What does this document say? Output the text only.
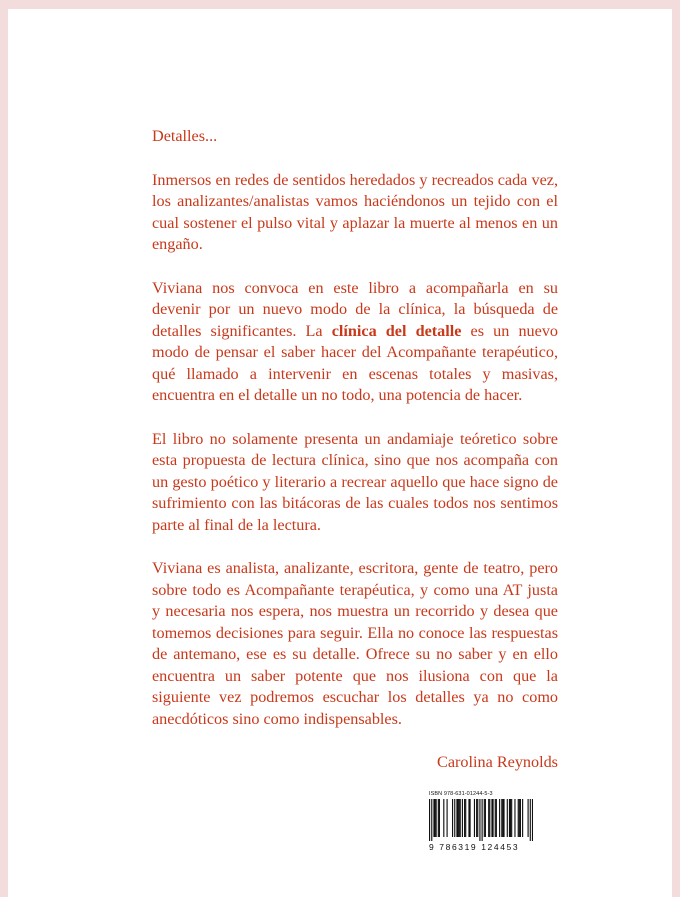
Detalles...

Inmersos en redes de sentidos heredados y recreados cada vez, los analizantes/analistas vamos haciéndonos un tejido con el cual sostener el pulso vital y aplazar la muerte al menos en un engaño.

Viviana nos convoca en este libro a acompañarla en su devenir por un nuevo modo de la clínica, la búsqueda de detalles significantes. La clínica del detalle es un nuevo modo de pensar el saber hacer del Acompañante terapéutico, qué llamado a intervenir en escenas totales y masivas, encuentra en el detalle un no todo, una potencia de hacer.

El libro no solamente presenta un andamiaje teóretico sobre esta propuesta de lectura clínica, sino que nos acompaña con un gesto poético y literario a recrear aquello que hace signo de sufrimiento con las bitácoras de las cuales todos nos sentimos parte al final de la lectura.

Viviana es analista, analizante, escritora, gente de teatro, pero sobre todo es Acompañante terapéutica, y como una AT justa y necesaria nos espera, nos muestra un recorrido y desea que tomemos decisiones para seguir. Ella no conoce las respuestas de antemano, ese es su detalle. Ofrece su no saber y en ello encuentra un saber potente que nos ilusiona con que la siguiente vez podremos escuchar los detalles ya no como anecdóticos sino como indispensables.

Carolina Reynolds

ISBN 978-631-01244-5-3
9 786319 124453
